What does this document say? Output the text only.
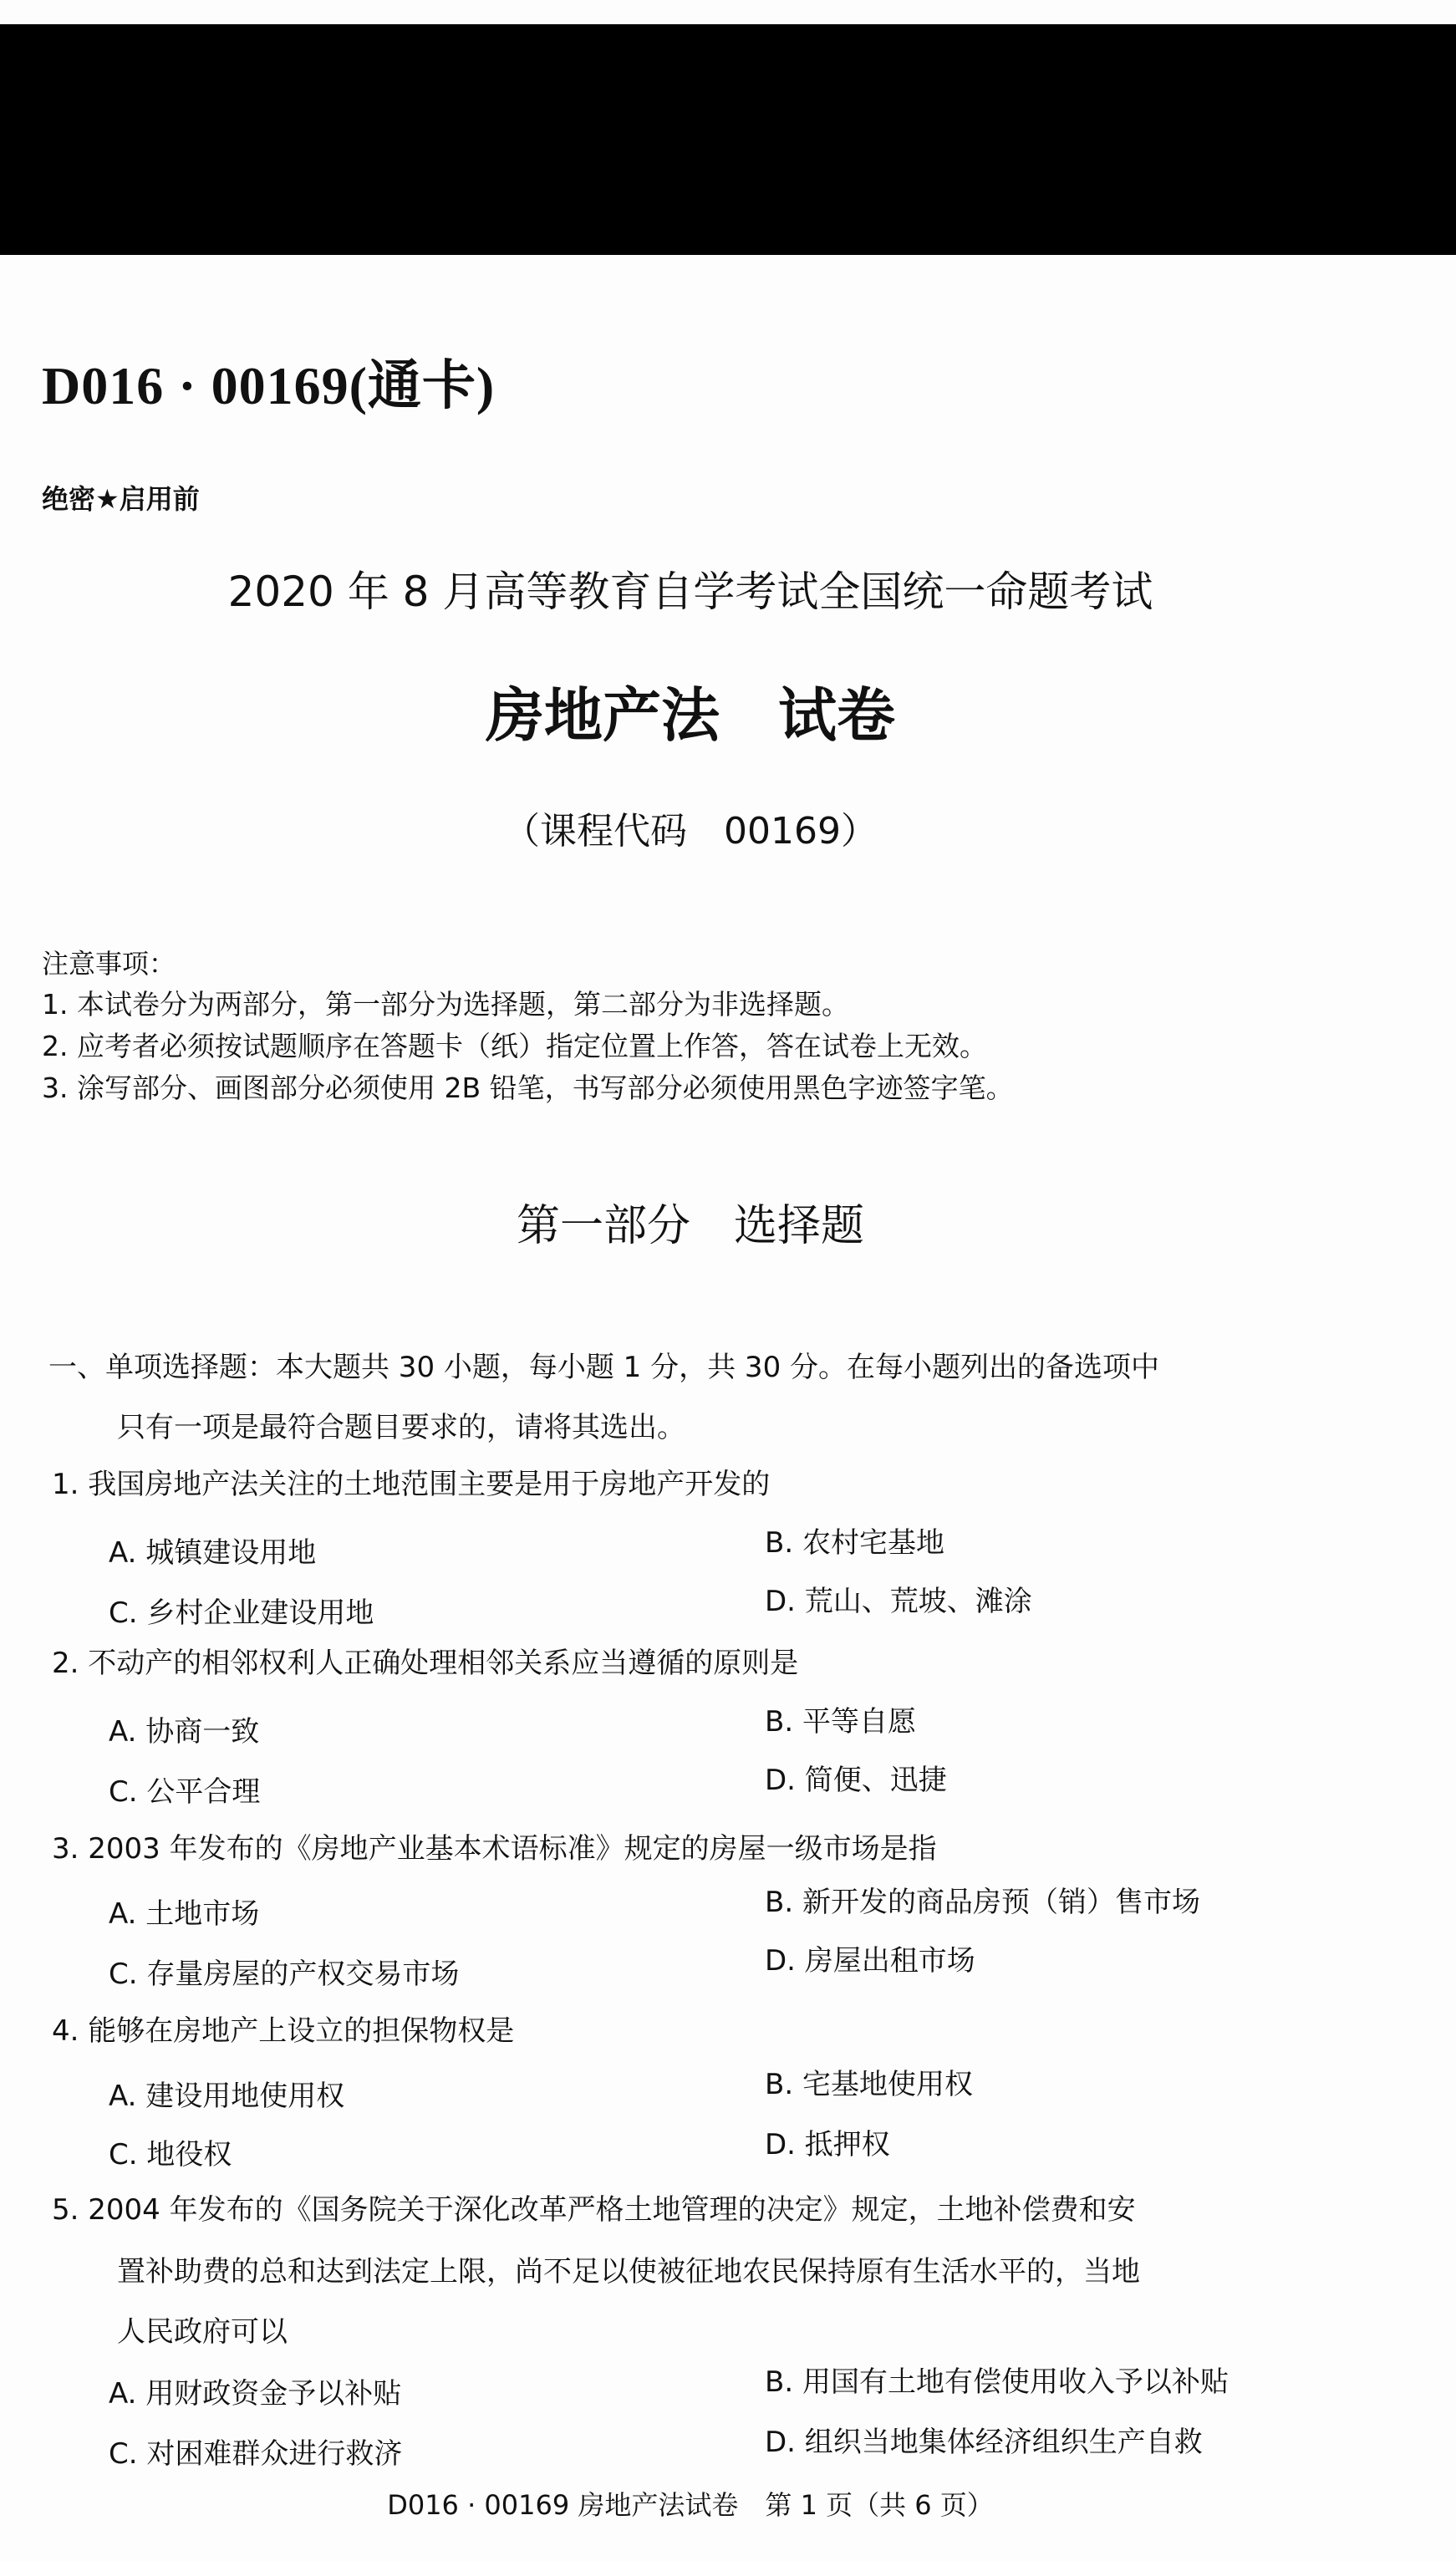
D016 · 00169(通卡)
绝密★启用前
2020 年 8 月高等教育自学考试全国统一命题考试
房地产法　试卷
（课程代码　00169）
注意事项：
1. 本试卷分为两部分，第一部分为选择题，第二部分为非选择题。
2. 应考者必须按试题顺序在答题卡（纸）指定位置上作答，答在试卷上无效。
3. 涂写部分、画图部分必须使用 2B 铅笔，书写部分必须使用黑色字迹签字笔。
第一部分　选择题
一、单项选择题：本大题共 30 小题，每小题 1 分，共 30 分。在每小题列出的备选项中
只有一项是最符合题目要求的，请将其选出。
1. 我国房地产法关注的土地范围主要是用于房地产开发的
A. 城镇建设用地	B. 农村宅基地
C. 乡村企业建设用地	D. 荒山、荒坡、滩涂
2. 不动产的相邻权利人正确处理相邻关系应当遵循的原则是
A. 协商一致	B. 平等自愿
C. 公平合理	D. 简便、迅捷
3. 2003 年发布的《房地产业基本术语标准》规定的房屋一级市场是指
A. 土地市场	B. 新开发的商品房预（销）售市场
C. 存量房屋的产权交易市场	D. 房屋出租市场
4. 能够在房地产上设立的担保物权是
A. 建设用地使用权	B. 宅基地使用权
C. 地役权	D. 抵押权
5. 2004 年发布的《国务院关于深化改革严格土地管理的决定》规定，土地补偿费和安
置补助费的总和达到法定上限，尚不足以使被征地农民保持原有生活水平的，当地
人民政府可以
A. 用财政资金予以补贴	B. 用国有土地有偿使用收入予以补贴
C. 对困难群众进行救济	D. 组织当地集体经济组织生产自救
D016 · 00169 房地产法试卷　第 1 页（共 6 页）
